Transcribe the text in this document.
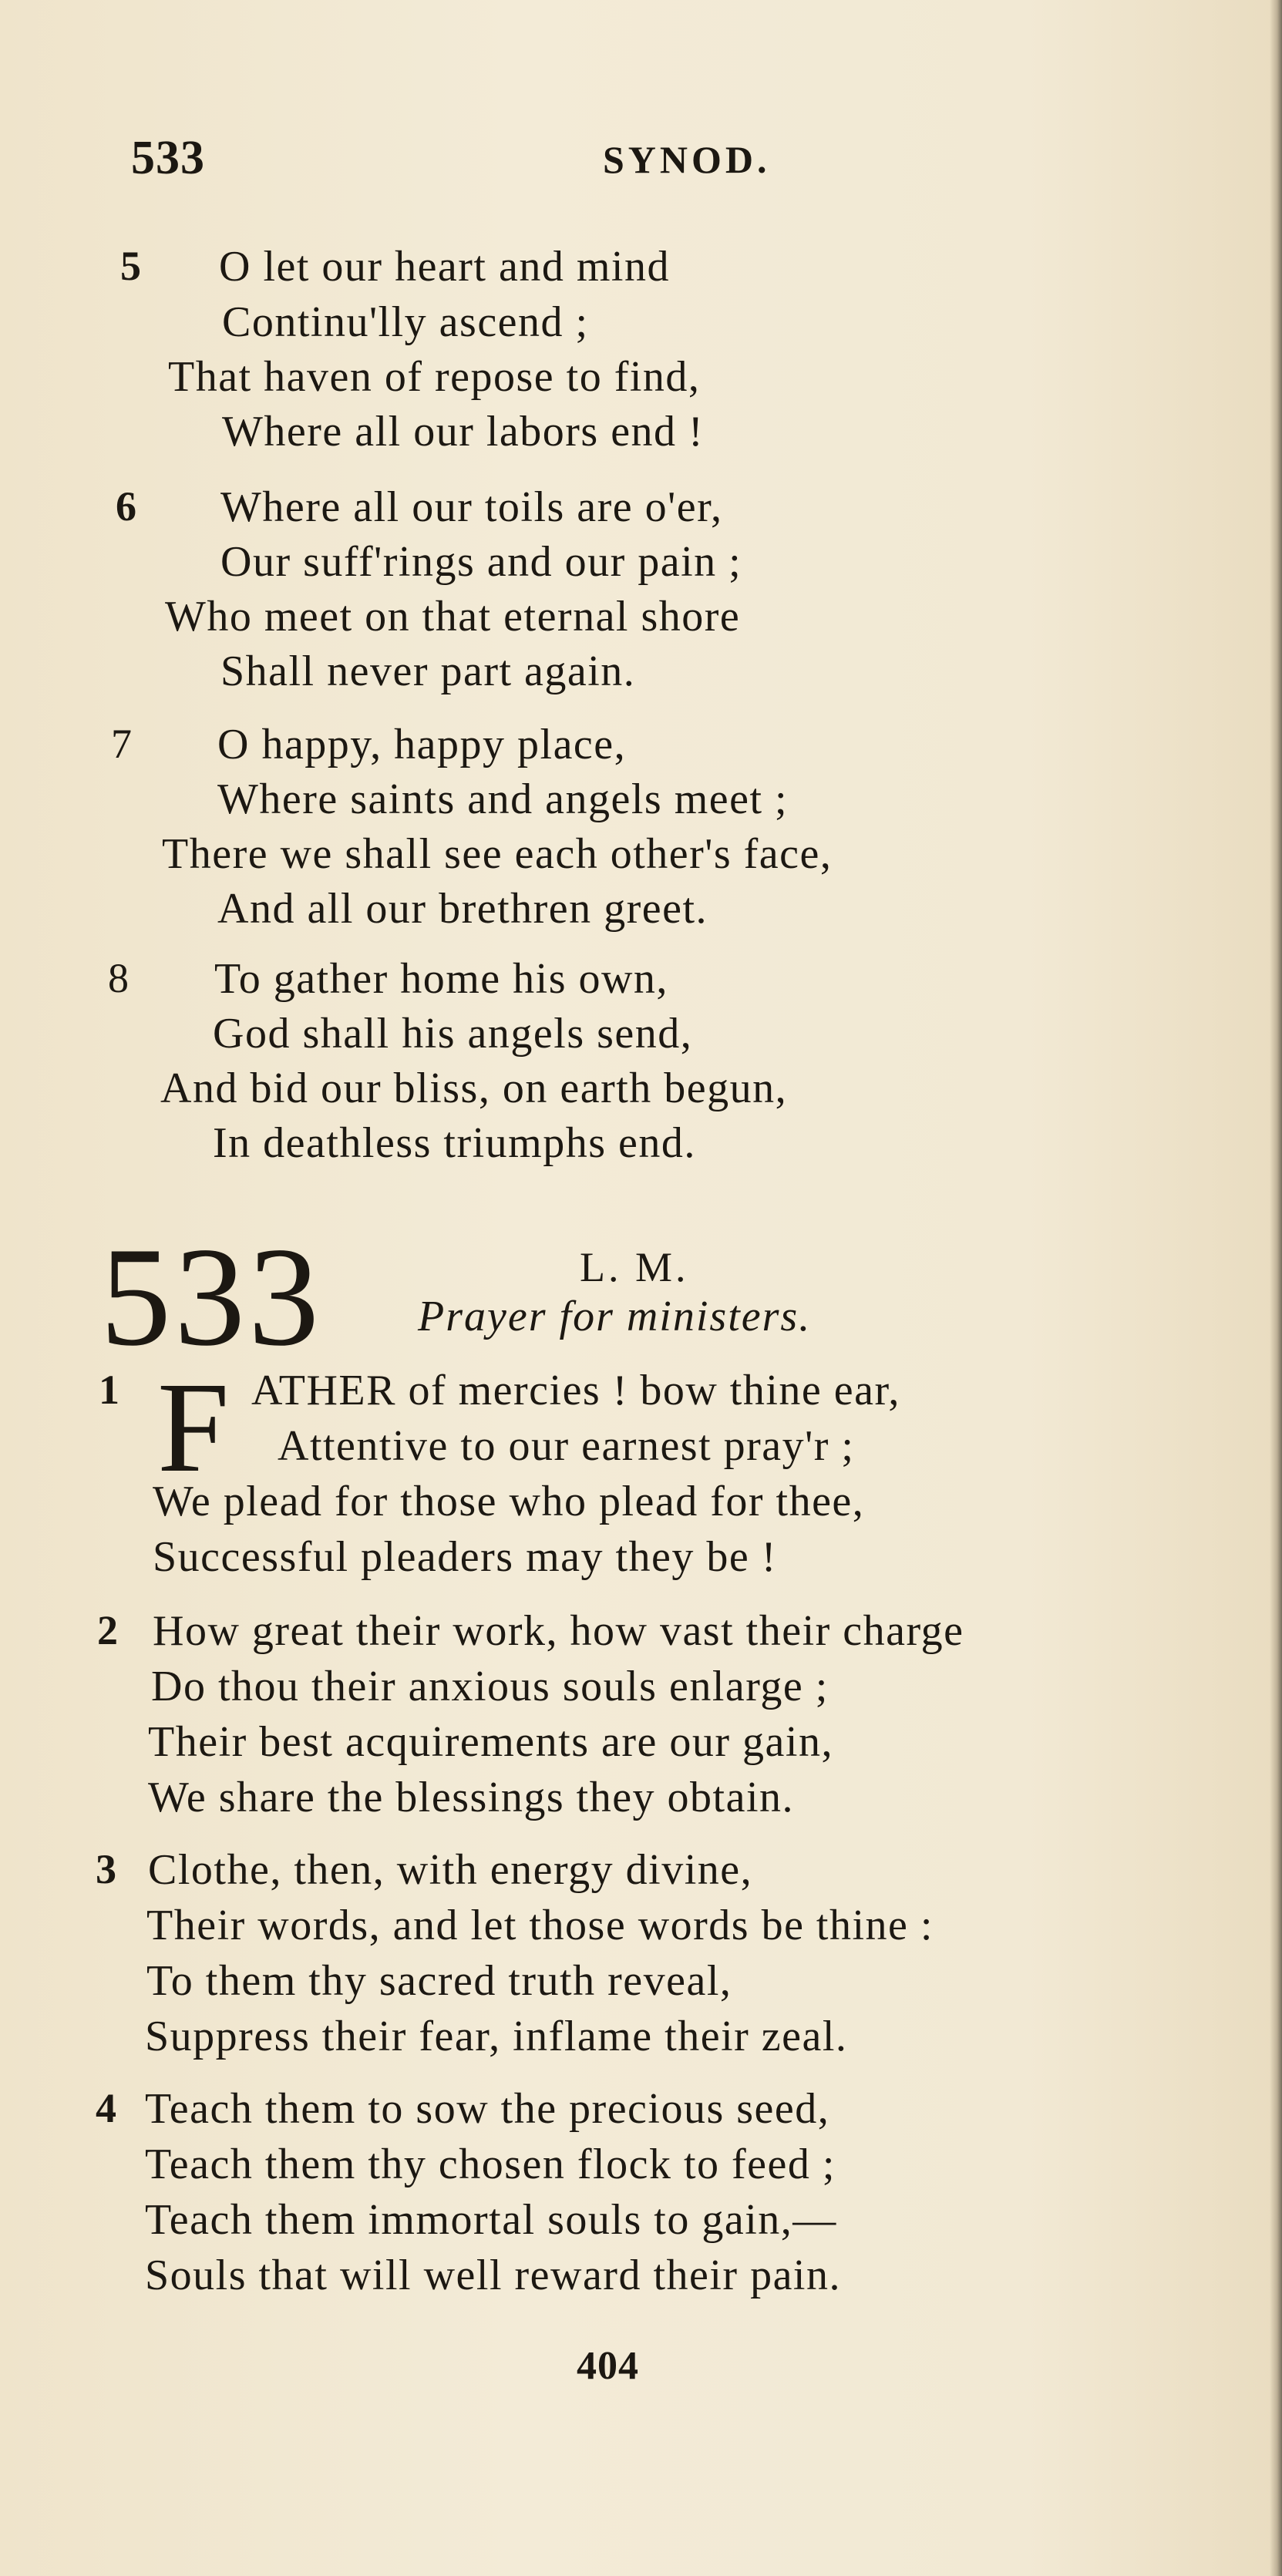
533	SYNOD.
5 O let our heart and mind
Continu'lly ascend ;
That haven of repose to find,
Where all our labors end !
6 Where all our toils are o'er,
Our suff'rings and our pain ;
Who meet on that eternal shore
Shall never part again.
7 O happy, happy place,
Where saints and angels meet ;
There we shall see each other's face,
And all our brethren greet.
8 To gather home his own,
God shall his angels send,
And bid our bliss, on earth begun,
In deathless triumphs end.
533	L. M.
Prayer for ministers.
1 F ATHER of mercies ! bow thine ear,
Attentive to our earnest pray'r ;
We plead for those who plead for thee,
Successful pleaders may they be !
2 How great their work, how vast their charge
Do thou their anxious souls enlarge ;
Their best acquirements are our gain,
We share the blessings they obtain.
3 Clothe, then, with energy divine,
Their words, and let those words be thine :
To them thy sacred truth reveal,
Suppress their fear, inflame their zeal.
4 Teach them to sow the precious seed,
Teach them thy chosen flock to feed ;
Teach them immortal souls to gain,—
Souls that will well reward their pain.
404
